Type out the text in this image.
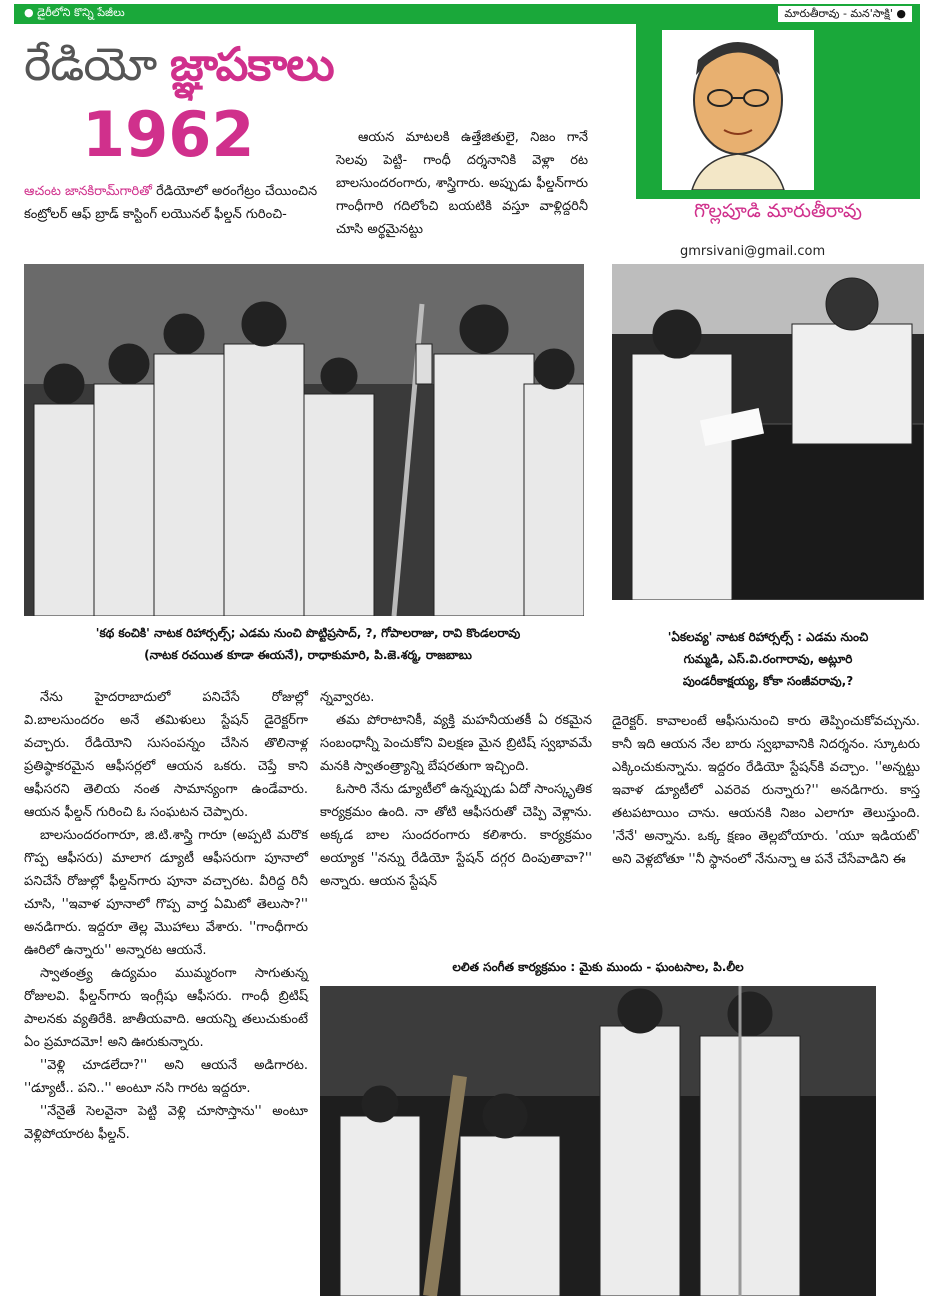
● డైరీలోని కొన్ని పేజీలు	మారుతీరావు - మన'సాక్షి' ●
రేడియో జ్ఞాపకాలు
1962
ఆచంట జానకిరామ్‌గారితో రేడియోలో అరంగేట్రం చేయించిన కంట్రోలర్ ఆఫ్ బ్రాడ్ కాస్టింగ్ లయొనల్ ఫీల్డన్ గురించి-
ఆయన మాటలకి ఉత్తేజితులై, నిజం గానే సెలవు పెట్టి- గాంధీ దర్శనానికి వెళ్లా రట బాలసుందరంగారు, శాస్త్రిగారు. అప్పుడు ఫీల్డన్‌గారు గాంధీగారి గదిలోంచి బయటికి వస్తూ వాళ్లిద్దరినీ చూసి అర్థమైనట్టు
గొల్లపూడి మారుతీరావు
gmrsivani@gmail.com
'కథ కంచికి' నాటక రిహార్సల్స్; ఎడమ నుంచి పొట్టిప్రసాద్, ?, గోపాలరాజు, రావి కొండలరావు
(నాటక రచయిత కూడా ఈయనే), రాధాకుమారి, పి.జె.శర్మ, రాజబాబు
'ఏకలవ్య' నాటక రిహార్సల్స్ : ఎడమ నుంచి
గుమ్మడి, ఎస్.వి.రంగారావు, అట్లూరి
పుండరీకాక్షయ్య, కోకా సంజీవరావు,?
లలిత సంగీత కార్యక్రమం : మైకు ముందు - ఘంటసాల, పి.లీల

నేను హైదరాబాదులో పనిచేసే రోజుల్లో వి.బాలసుందరం అనే తమిళులు స్టేషన్ డైరెక్టర్‌గా వచ్చారు. రేడియోని సుసంపన్నం చేసిన తొలినాళ్ల ప్రతిష్ఠాకరమైన ఆఫీసర్లలో ఆయన ఒకరు. చెప్తే కాని ఆఫీసరని తెలియ నంత సామాన్యంగా ఉండేవారు. ఆయన ఫీల్డన్ గురించి ఓ సంఘటన చెప్పారు.

బాలసుందరంగారూ, జి.టి.శాస్త్రి గారూ (అప్పటి మరొక గొప్ప ఆఫీసరు) మాలాగ డ్యూటీ ఆఫీసరుగా పూనాలో పనిచేసే రోజుల్లో ఫీల్డన్‌గారు పూనా వచ్చారట. వీరిద్ద రినీ చూసి, ''ఇవాళ పూనాలో గొప్ప వార్త ఏమిటో తెలుసా?'' అనడిగారు. ఇద్దరూ తెల్ల మొహాలు వేశారు. ''గాంధీగారు ఊరిలో ఉన్నారు'' అన్నారట ఆయనే.

స్వాతంత్ర్య ఉద్యమం ముమ్మరంగా సాగుతున్న రోజులవి. ఫీల్డన్‌గారు ఇంగ్లీషు ఆఫీసరు. గాంధీ బ్రిటిష్ పాలనకు వ్యతిరేకి. జాతీయవాది. ఆయన్ని తలుచుకుంటే ఏం ప్రమాదమో! అని ఊరుకున్నారు.

''వెళ్లి చూడలేదా?'' అని ఆయనే అడిగారట. ''డ్యూటీ.. పని..'' అంటూ నసి గారట ఇద్దరూ.

''నేనైతే సెలవైనా పెట్టి వెళ్లి చూసొస్తాను'' అంటూ వెళ్లిపోయారట ఫీల్డన్.

న్నవ్వారట.

తమ పోరాటానికీ, వ్యక్తి మహనీయతకీ ఏ రకమైన సంబంధాన్నీ పెంచుకోని విలక్షణ మైన బ్రిటిష్ స్వభావమే మనకి స్వాతంత్ర్యాన్ని బేషరతుగా ఇచ్చింది.

ఓసారి నేను డ్యూటీలో ఉన్నప్పుడు ఏదో సాంస్కృతిక కార్యక్రమం ఉంది. నా తోటి ఆఫీసరుతో చెప్పి వెళ్లాను. అక్కడ బాల సుందరంగారు కలిశారు. కార్యక్రమం అయ్యాక ''నన్ను రేడియో స్టేషన్ దగ్గర దింపుతావా?'' అన్నారు. ఆయన స్టేషన్

డైరెక్టర్. కావాలంటే ఆఫీసునుంచి కారు తెప్పించుకోవచ్చును. కానీ ఇది ఆయన నేల బారు స్వభావానికి నిదర్శనం. స్కూటరు ఎక్కించుకున్నాను. ఇద్దరం రేడియో స్టేషన్‌కి వచ్చాం. ''అన్నట్టు ఇవాళ డ్యూటీలో ఎవరెవ రున్నారు?'' అనడిగారు. కాస్త తటపటాయిం చాను. ఆయనకి నిజం ఎలాగూ తెలుస్తుంది. 'నేనే' అన్నాను. ఒక్క క్షణం తెల్లబోయారు. 'యూ ఇడియట్' అని వెళ్లబోతూ ''నీ స్థానంలో నేనున్నా ఆ పనే చేసేవాడిని ఈ
